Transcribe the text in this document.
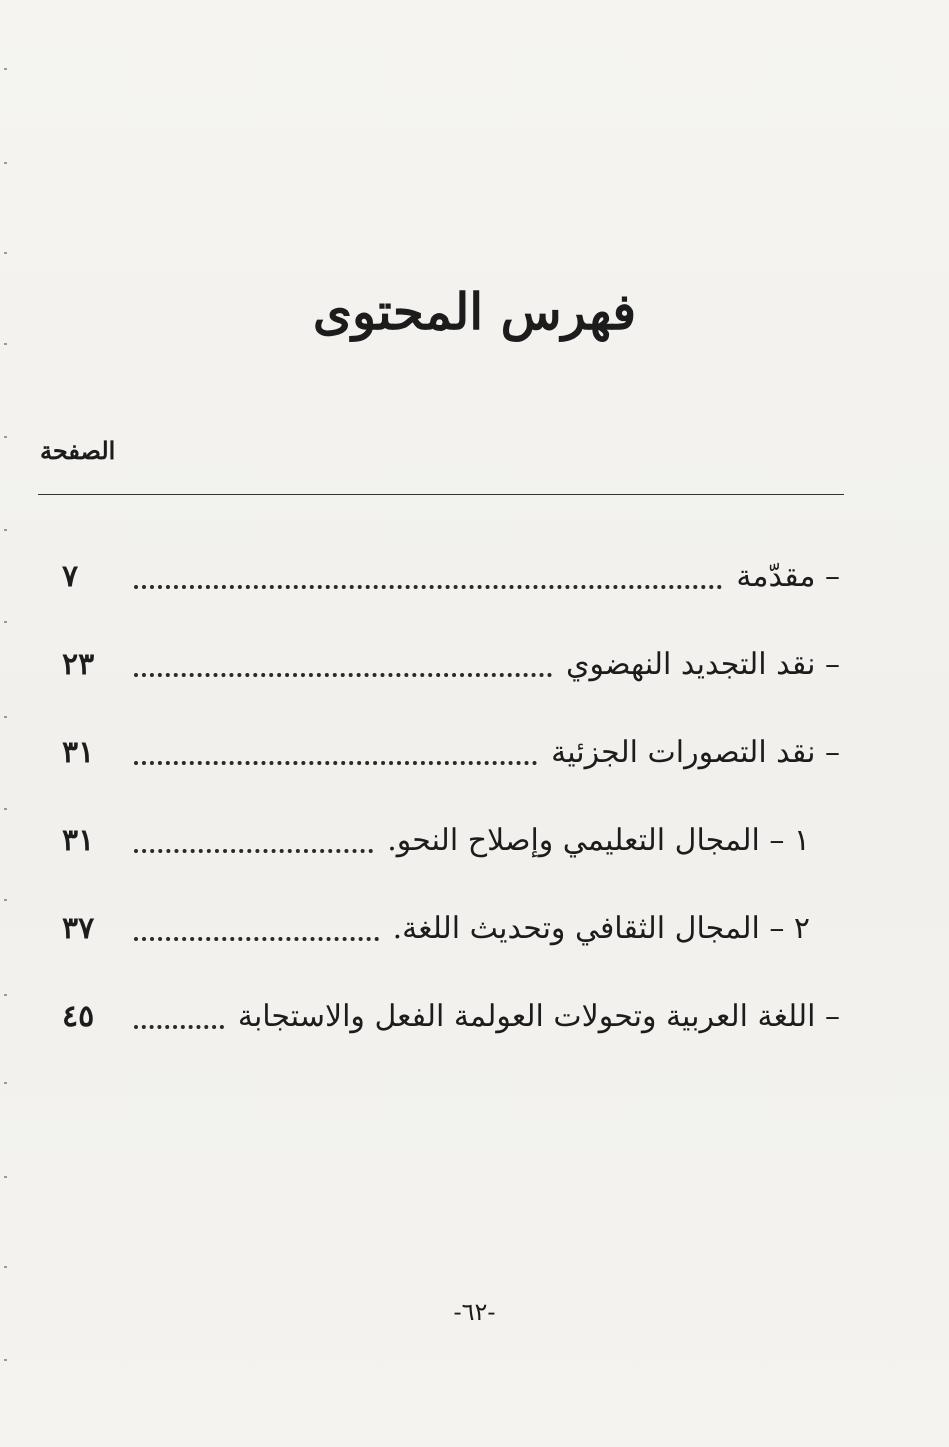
فهرس المحتوى
الصفحة
– مقدّمة
٧
– نقد التجديد النهضوي
٢٣
– نقد التصورات الجزئية
٣١
١ – المجال التعليمي وإصلاح النحو.
٣١
٢ – المجال الثقافي وتحديث اللغة.
٣٧
– اللغة العربية وتحولات العولمة الفعل والاستجابة
٤٥
-٦٢-
